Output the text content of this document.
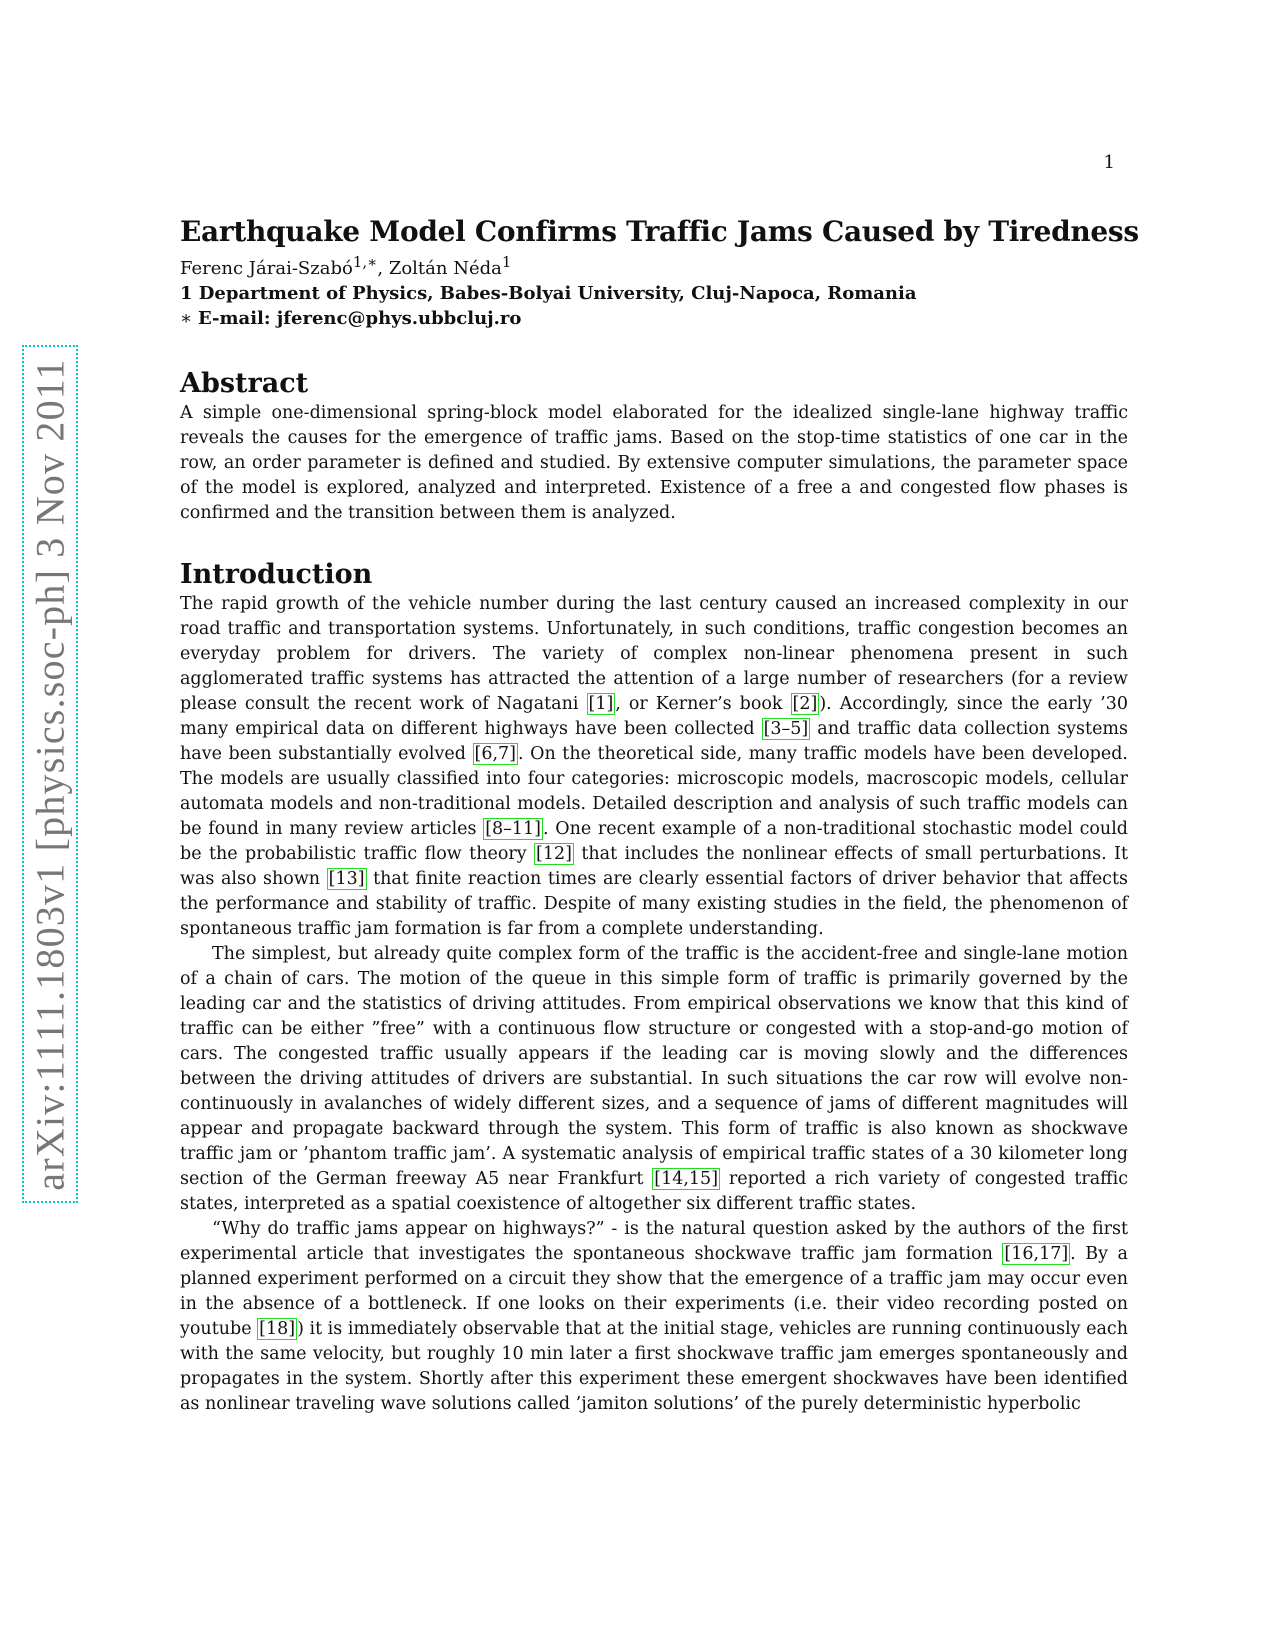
1
arXiv:1111.1803v1 [physics.soc-ph] 3 Nov 2011
Earthquake Model Confirms Traffic Jams Caused by Tiredness
Ferenc Járai-Szabó$^{1,∗}$, Zoltán Néda$^1$
1 Department of Physics, Babes-Bolyai University, Cluj-Napoca, Romania
∗ E-mail: jferenc@phys.ubbcluj.ro
Abstract

A simple one-dimensional spring-block model elaborated for the idealized single-lane highway traffic reveals the causes for the emergence of traffic jams. Based on the stop-time statistics of one car in the row, an order parameter is defined and studied. By extensive computer simulations, the parameter space of the model is explored, analyzed and interpreted. Existence of a free a and congested flow phases is confirmed and the transition between them is analyzed.

Introduction

The rapid growth of the vehicle number during the last century caused an increased complexity in our road traffic and transportation systems. Unfortunately, in such conditions, traffic congestion becomes an everyday problem for drivers. The variety of complex non-linear phenomena present in such agglomerated traffic systems has attracted the attention of a large number of researchers (for a review please consult the recent work of Nagatani [1] , or Kerner’s book [2] ). Accordingly, since the early ’30 many empirical data on different highways have been collected [3–5] and traffic data collection systems have been substantially evolved [6,7] . On the theoretical side, many traffic models have been developed. The models are usually classified into four categories: microscopic models, macroscopic models, cellular automata models and non-traditional models. Detailed description and analysis of such traffic models can be found in many review articles [8–11] . One recent example of a non-traditional stochastic model could be the probabilistic traffic flow theory [12] that includes the nonlinear effects of small perturbations. It was also shown [13] that finite reaction times are clearly essential factors of driver behavior that affects the performance and stability of traffic. Despite of many existing studies in the field, the phenomenon of spontaneous traffic jam formation is far from a complete understanding.

The simplest, but already quite complex form of the traffic is the accident-free and single-lane motion of a chain of cars. The motion of the queue in this simple form of traffic is primarily governed by the leading car and the statistics of driving attitudes. From empirical observations we know that this kind of traffic can be either ”free” with a continuous flow structure or congested with a stop-and-go motion of cars. The congested traffic usually appears if the leading car is moving slowly and the differences between the driving attitudes of drivers are substantial. In such situations the car row will evolve non-continuously in avalanches of widely different sizes, and a sequence of jams of different magnitudes will appear and propagate backward through the system. This form of traffic is also known as shockwave traffic jam or ’phantom traffic jam’. A systematic analysis of empirical traffic states of a 30 kilometer long section of the German freeway A5 near Frankfurt [14,15] reported a rich variety of congested traffic states, interpreted as a spatial coexistence of altogether six different traffic states.

“Why do traffic jams appear on highways?” - is the natural question asked by the authors of the first experimental article that investigates the spontaneous shockwave traffic jam formation [16,17] . By a planned experiment performed on a circuit they show that the emergence of a traffic jam may occur even in the absence of a bottleneck. If one looks on their experiments (i.e. their video recording posted on youtube [18] ) it is immediately observable that at the initial stage, vehicles are running continuously each with the same velocity, but roughly 10 min later a first shockwave traffic jam emerges spontaneously and propagates in the system. Shortly after this experiment these emergent shockwaves have been identified as nonlinear traveling wave solutions called ’jamiton solutions’ of the purely deterministic hyperbolic
